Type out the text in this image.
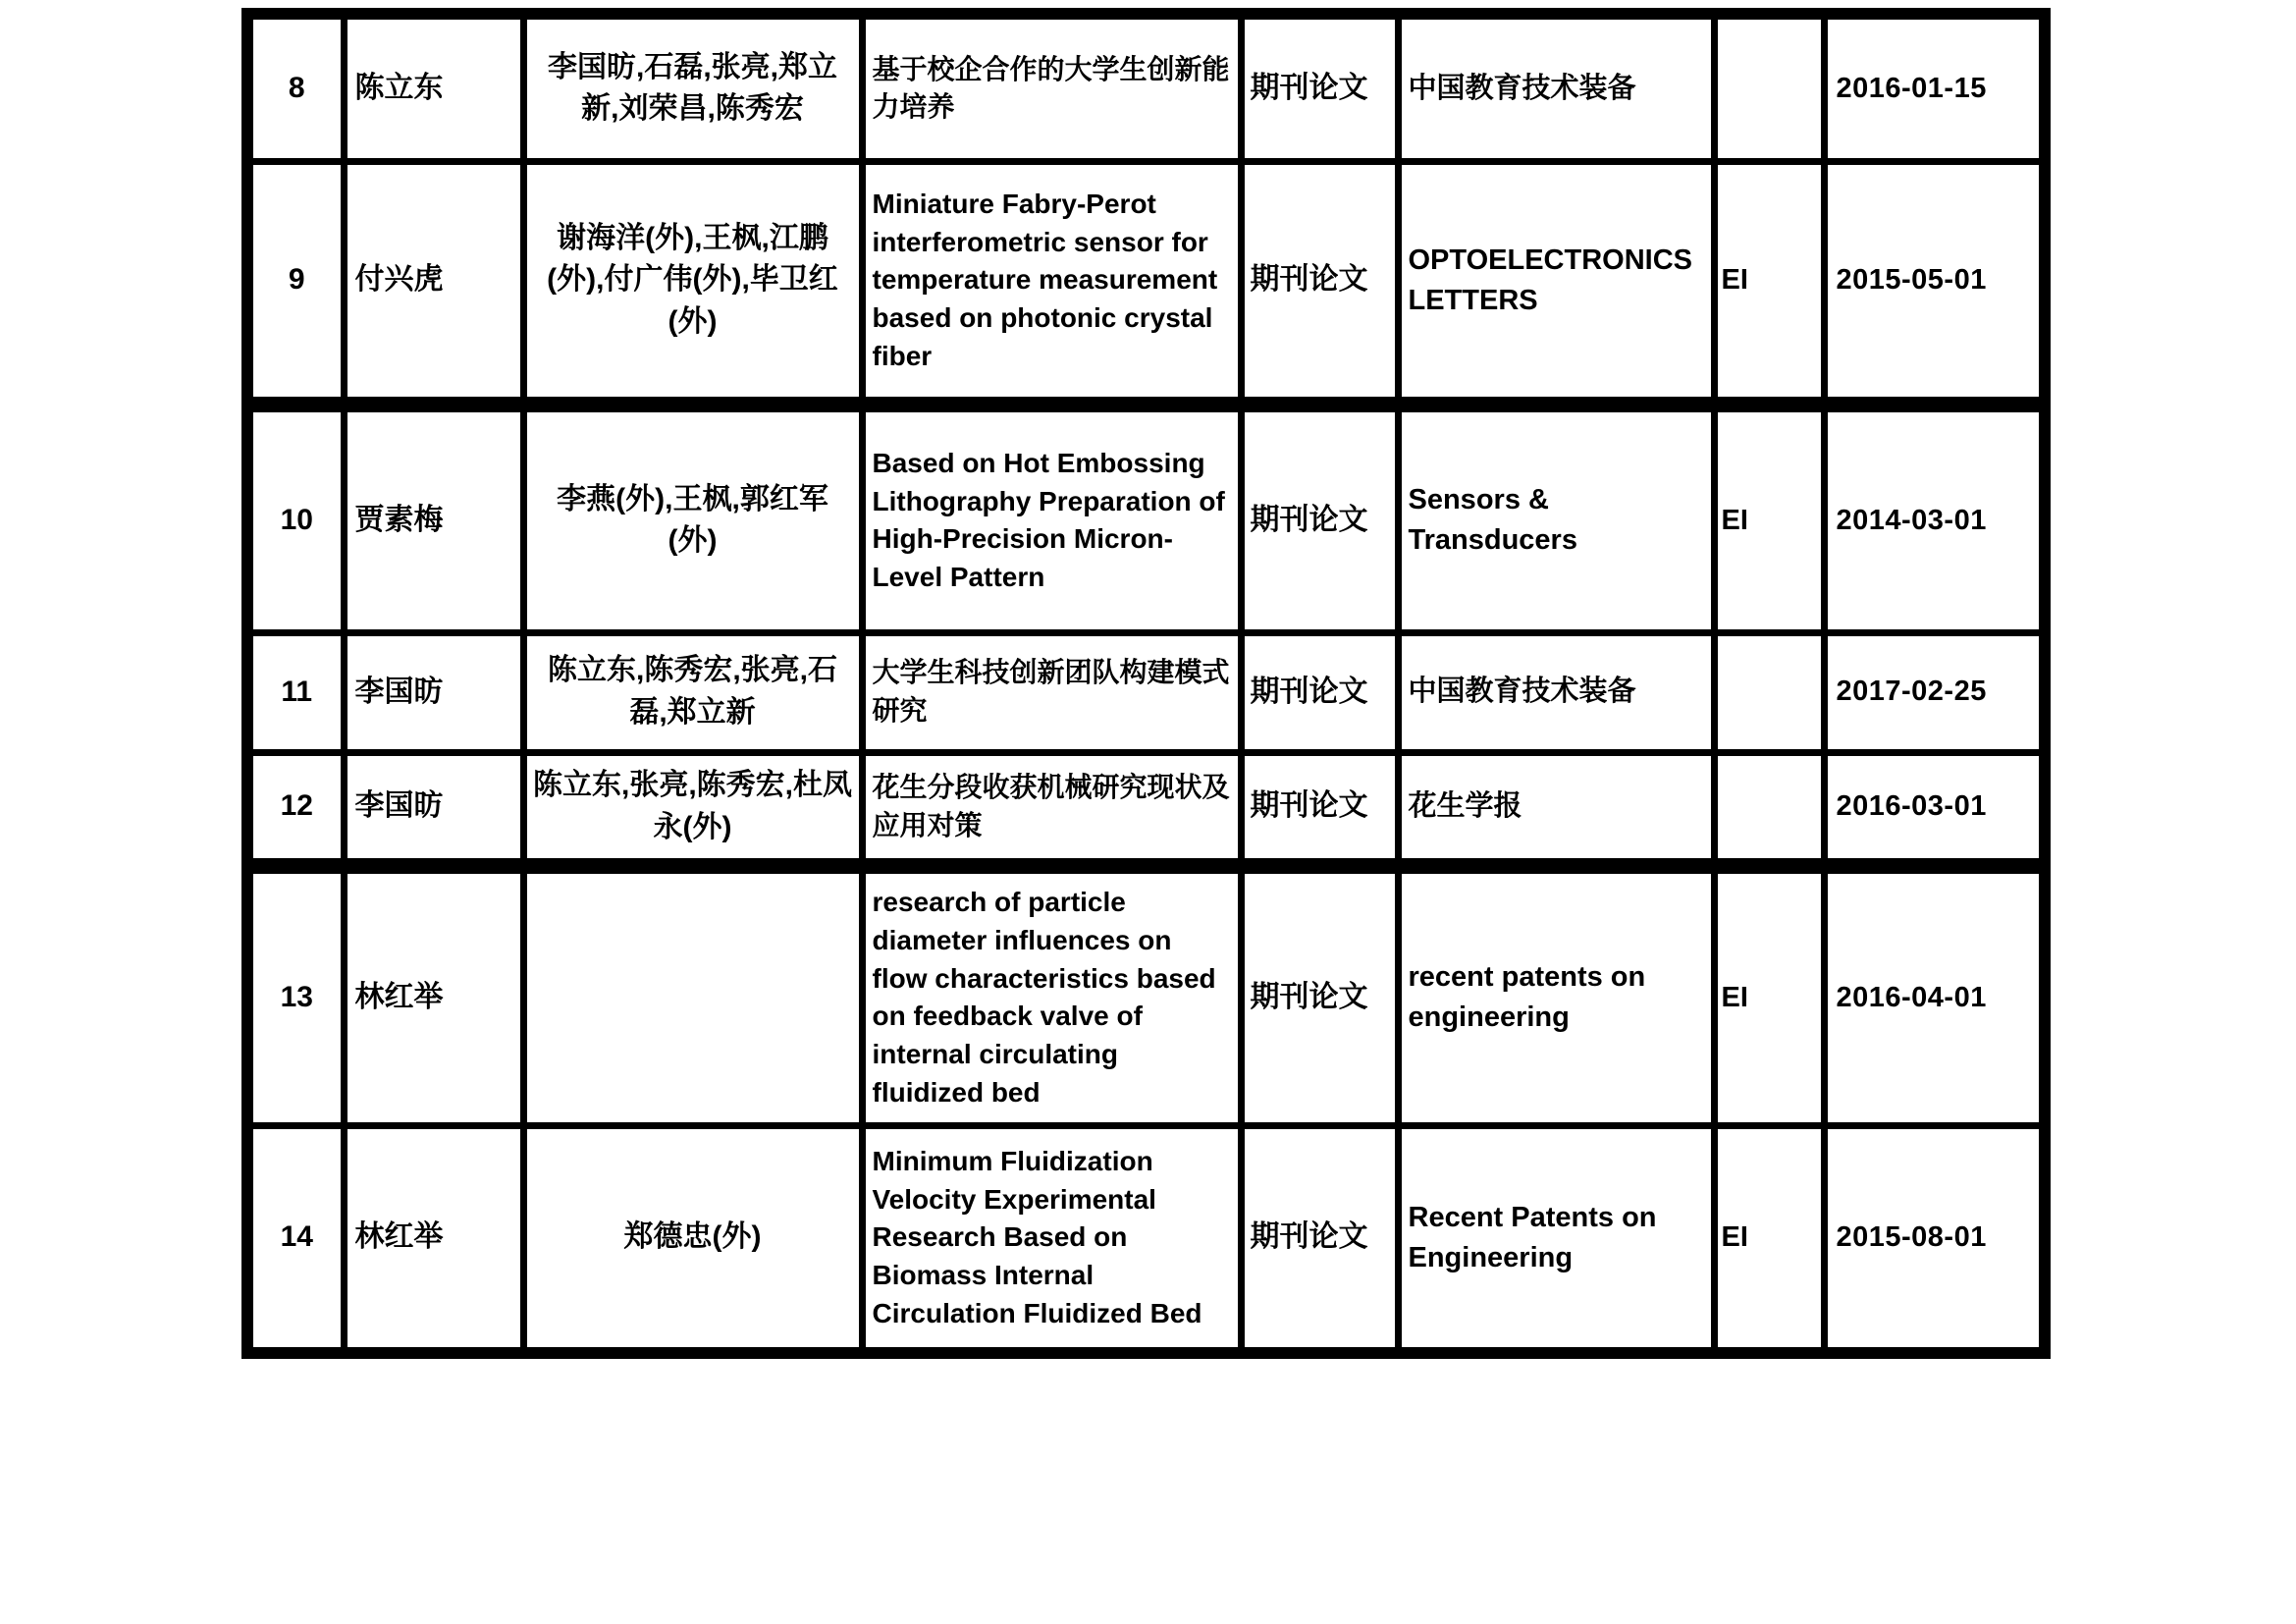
8	陈立东	李国昉,石磊,张亮,郑立新,刘荣昌,陈秀宏	基于校企合作的大学生创新能力培养	期刊论文	中国教育技术装备		2016-01-15
9	付兴虎	谢海洋(外),王枫,江鹏(外),付广伟(外),毕卫红(外)	Miniature Fabry-Perot interferometric sensor for temperature measurement based on photonic crystal fiber	期刊论文	OPTOELECTRONICS LETTERS	EI	2015-05-01
10	贾素梅	李燕(外),王枫,郭红军(外)	Based on Hot Embossing Lithography Preparation of High-Precision Micron-Level Pattern	期刊论文	Sensors & Transducers	EI	2014-03-01
11	李国昉	陈立东,陈秀宏,张亮,石磊,郑立新	大学生科技创新团队构建模式研究	期刊论文	中国教育技术装备		2017-02-25
12	李国昉	陈立东,张亮,陈秀宏,杜凤永(外)	花生分段收获机械研究现状及应用对策	期刊论文	花生学报		2016-03-01
13	林红举		research of particle diameter influences on flow characteristics based on feedback valve of internal circulating fluidized bed	期刊论文	recent patents on engineering	EI	2016-04-01
14	林红举	郑德忠(外)	Minimum Fluidization Velocity Experimental Research Based on Biomass Internal Circulation Fluidized Bed	期刊论文	Recent Patents on Engineering	EI	2015-08-01
